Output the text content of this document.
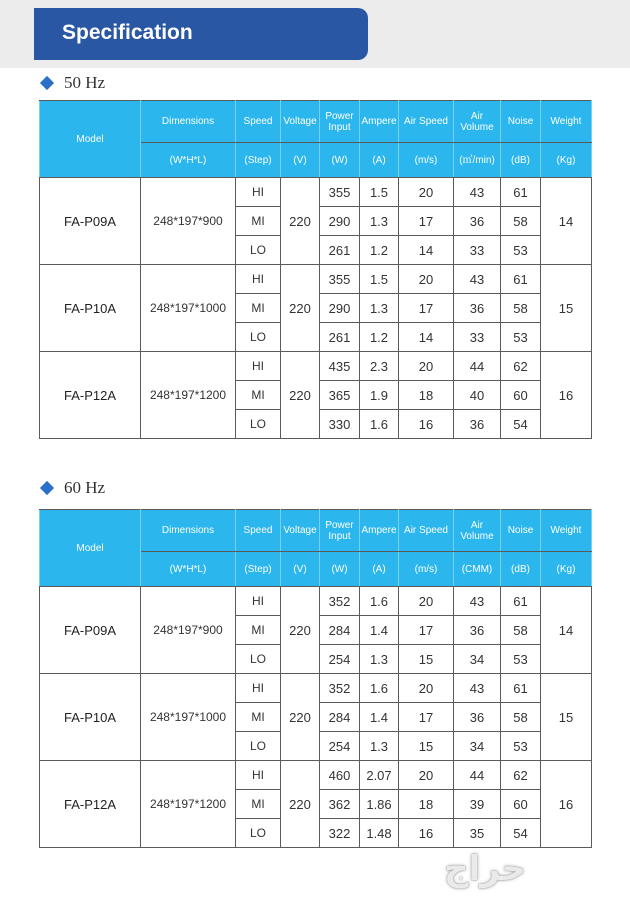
Specification
50 Hz
Model	Dimensions	Speed	Voltage	Power Input	Ampere	Air Speed	Air Volume	Noise	Weight
	(W*H*L)	(Step)	(V)	(W)	(A)	(m/s)	(㎥/min)	(dB)	(Kg)
FA-P09A	248*197*900	HI	220	355	1.5	20	43	61	14
		MI		290	1.3	17	36	58	
		LO		261	1.2	14	33	53	
FA-P10A	248*197*1000	HI	220	355	1.5	20	43	61	15
		MI		290	1.3	17	36	58	
		LO		261	1.2	14	33	53	
FA-P12A	248*197*1200	HI	220	435	2.3	20	44	62	16
		MI		365	1.9	18	40	60	
		LO		330	1.6	16	36	54	
60 Hz
Model	Dimensions	Speed	Voltage	Power Input	Ampere	Air Speed	Air Volume	Noise	Weight
	(W*H*L)	(Step)	(V)	(W)	(A)	(m/s)	(CMM)	(dB)	(Kg)
FA-P09A	248*197*900	HI	220	352	1.6	20	43	61	14
		MI		284	1.4	17	36	58	
		LO		254	1.3	15	34	53	
FA-P10A	248*197*1000	HI	220	352	1.6	20	43	61	15
		MI		284	1.4	17	36	58	
		LO		254	1.3	15	34	53	
FA-P12A	248*197*1200	HI	220	460	2.07	20	44	62	16
		MI		362	1.86	18	39	60	
		LO		322	1.48	16	35	54	
حراج
